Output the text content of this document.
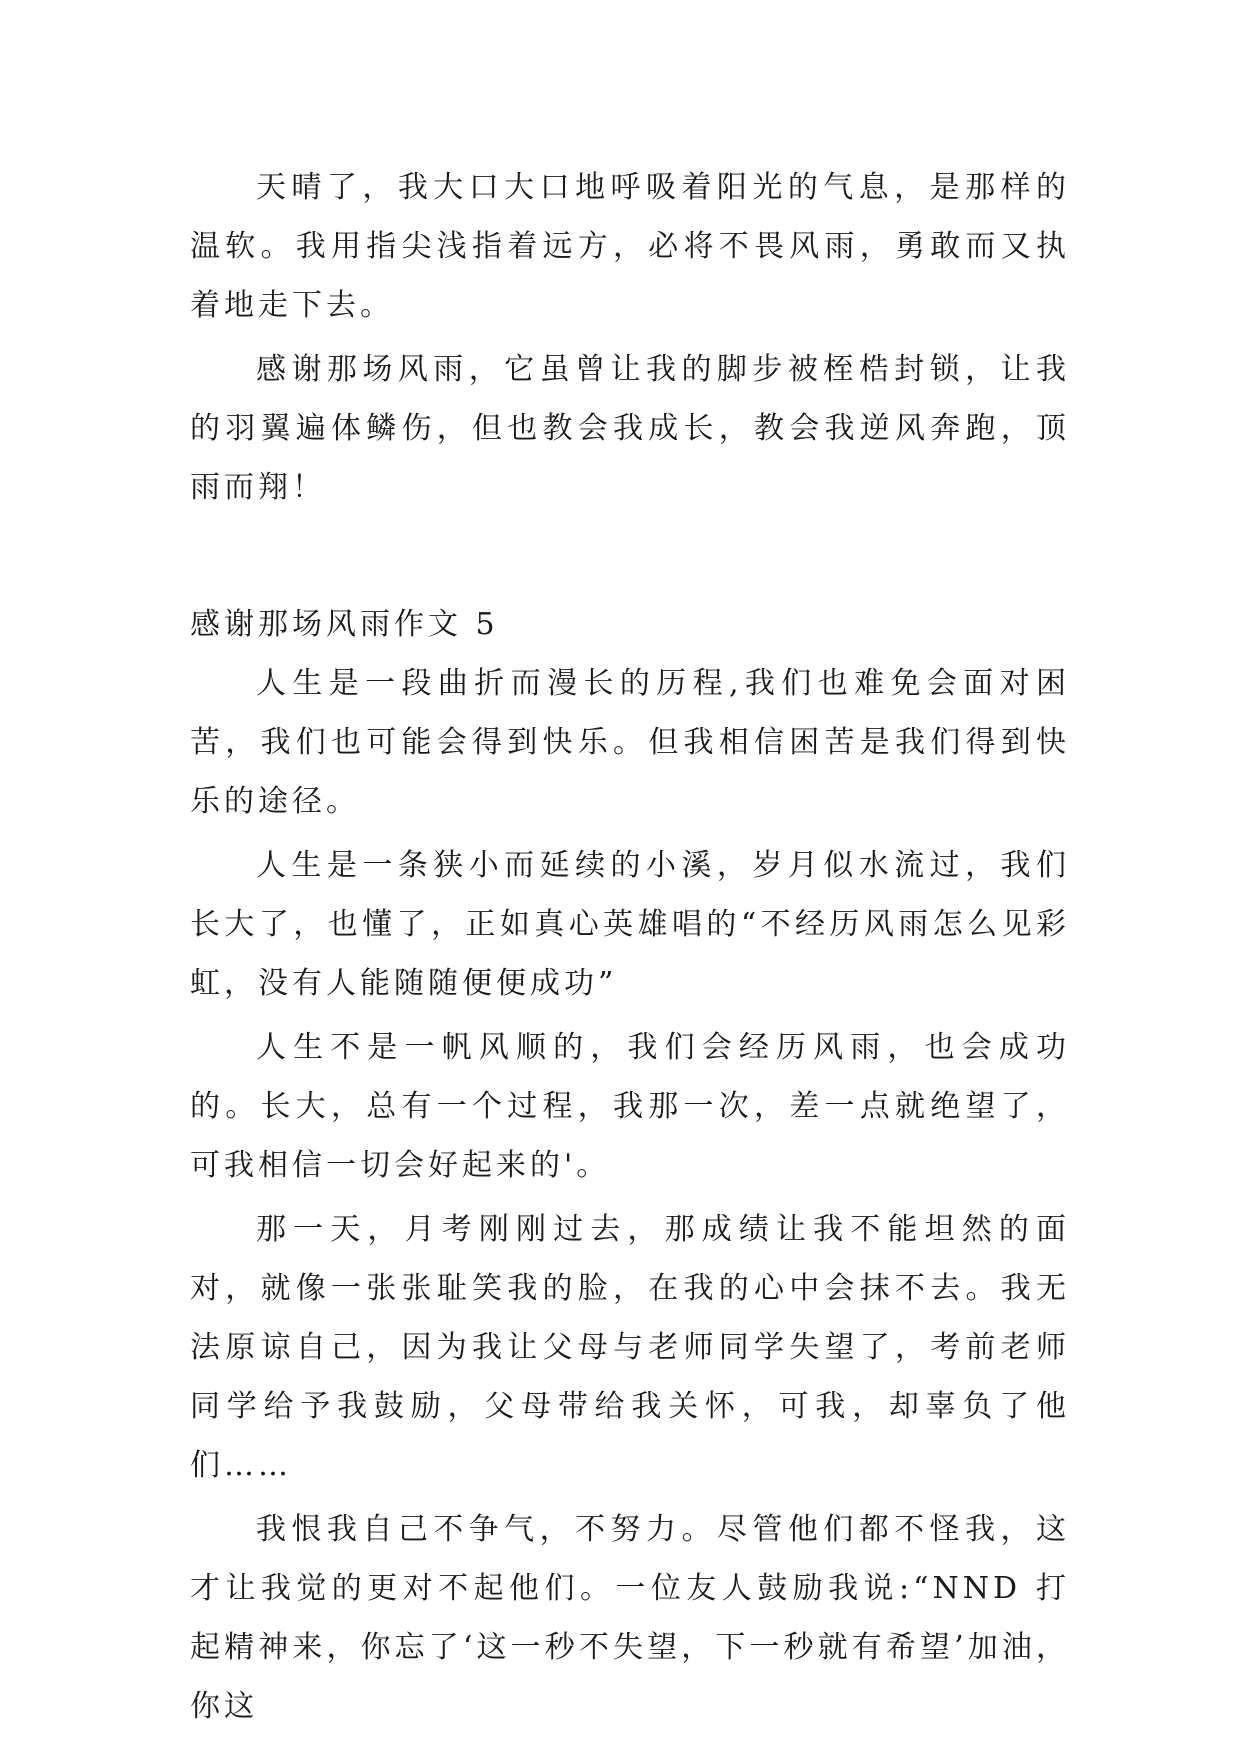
天晴了，我大口大口地呼吸着阳光的气息，是那样的温软。我用指尖浅指着远方，必将不畏风雨，勇敢而又执着地走下去。

感谢那场风雨，它虽曾让我的脚步被桎梏封锁，让我的羽翼遍体鳞伤，但也教会我成长，教会我逆风奔跑，顶雨而翔！

感谢那场风雨作文 5

人生是一段曲折而漫长的历程,我们也难免会面对困苦，我们也可能会得到快乐。但我相信困苦是我们得到快乐的途径。

人生是一条狭小而延续的小溪，岁月似水流过，我们长大了，也懂了，正如真心英雄唱的“不经历风雨怎么见彩虹，没有人能随随便便成功”

人生不是一帆风顺的，我们会经历风雨，也会成功的。长大，总有一个过程，我那一次，差一点就绝望了，可我相信一切会好起来的'。

那一天，月考刚刚过去，那成绩让我不能坦然的面对，就像一张张耻笑我的脸，在我的心中会抹不去。我无法原谅自己，因为我让父母与老师同学失望了，考前老师同学给予我鼓励，父母带给我关怀，可我，却辜负了他们……

我恨我自己不争气，不努力。尽管他们都不怪我，这才让我觉的更对不起他们。一位友人鼓励我说:“NND 打起精神来，你忘了‘这一秒不失望，下一秒就有希望’加油，你这
